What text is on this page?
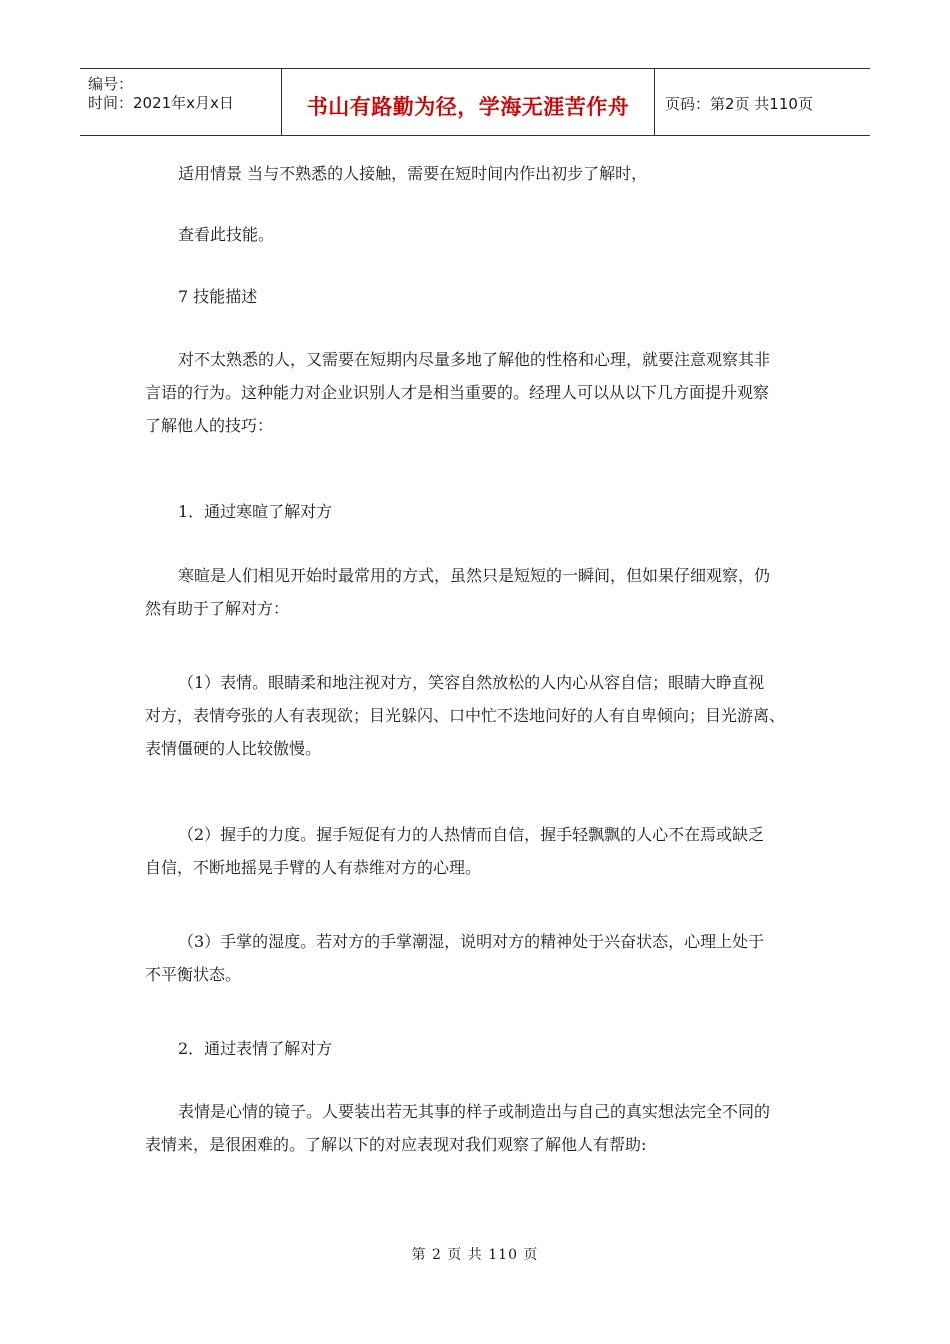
编号：
时间：2021年x月x日	书山有路勤为径，学海无涯苦作舟	页码：第2页 共110页
适用情景 当与不熟悉的人接触，需要在短时间内作出初步了解时，
查看此技能。
7 技能描述
对不太熟悉的人，又需要在短期内尽量多地了解他的性格和心理，就要注意观察其非
言语的行为。这种能力对企业识别人才是相当重要的。经理人可以从以下几方面提升观察
了解他人的技巧：
1．通过寒暄了解对方
寒暄是人们相见开始时最常用的方式，虽然只是短短的一瞬间，但如果仔细观察，仍
然有助于了解对方：
（1）表情。眼睛柔和地注视对方，笑容自然放松的人内心从容自信；眼睛大睁直视
对方，表情夸张的人有表现欲；目光躲闪、口中忙不迭地问好的人有自卑倾向；目光游离、
表情僵硬的人比较傲慢。
（2）握手的力度。握手短促有力的人热情而自信，握手轻飘飘的人心不在焉或缺乏
自信，不断地摇晃手臂的人有恭维对方的心理。
（3）手掌的湿度。若对方的手掌潮湿，说明对方的精神处于兴奋状态，心理上处于
不平衡状态。
2．通过表情了解对方
表情是心情的镜子。人要装出若无其事的样子或制造出与自己的真实想法完全不同的
表情来，是很困难的。了解以下的对应表现对我们观察了解他人有帮助:
第 2 页 共 110 页
